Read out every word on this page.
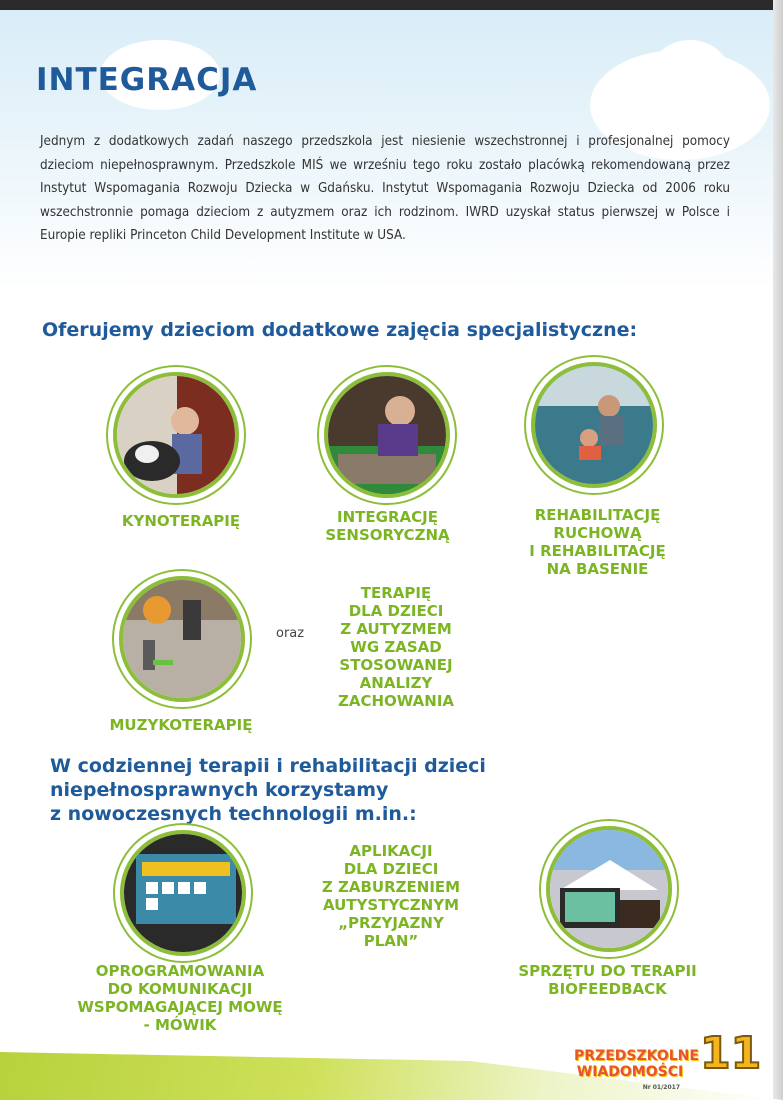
INTEGRACJA

Jednym z dodatkowych zadań naszego przedszkola jest niesienie wszechstronnej i profesjonalnej pomocy dzieciom niepełnosprawnym. Przedszkole MIŚ we wrześniu tego roku zostało placówką rekomendowaną przez Instytut Wspomagania Rozwoju Dziecka w Gdańsku. Instytut Wspomagania Rozwoju Dziecka od 2006 roku wszechstronnie pomaga dzieciom z autyzmem oraz ich rodzinom. IWRD uzyskał status pierwszej w Polsce i Europie repliki Princeton Child Development Institute w USA.

Oferujemy dzieciom dodatkowe zajęcia specjalistyczne:

KYNOTERAPIĘ	INTEGRACJĘ
SENSORYCZNĄ

REHABILITACJĘ
RUCHOWĄ
I REHABILITACJĘ
NA BASENIE

oraz

TERAPIĘ
DLA DZIECI
Z AUTYZMEM
WG ZASAD
STOSOWANEJ
ANALIZY
ZACHOWANIA

MUZYKOTERAPIĘ

W codziennej terapii i rehabilitacji dzieci niepełnosprawnych korzystamy
z nowoczesnych technologii m.in.:

APLIKACJI
DLA DZIECI
Z ZABURZENIEM
AUTYSTYCZNYM
„PRZYJAZNY
PLAN”

OPROGRAMOWANIA
DO KOMUNIKACJI
WSPOMAGAJĄCEJ MOWĘ
- MÓWIK

SPRZĘTU DO TERAPII
BIOFEEDBACK

PRZEDSZKOLNE WIADOMOŚCI
Nr 01/2017
11
